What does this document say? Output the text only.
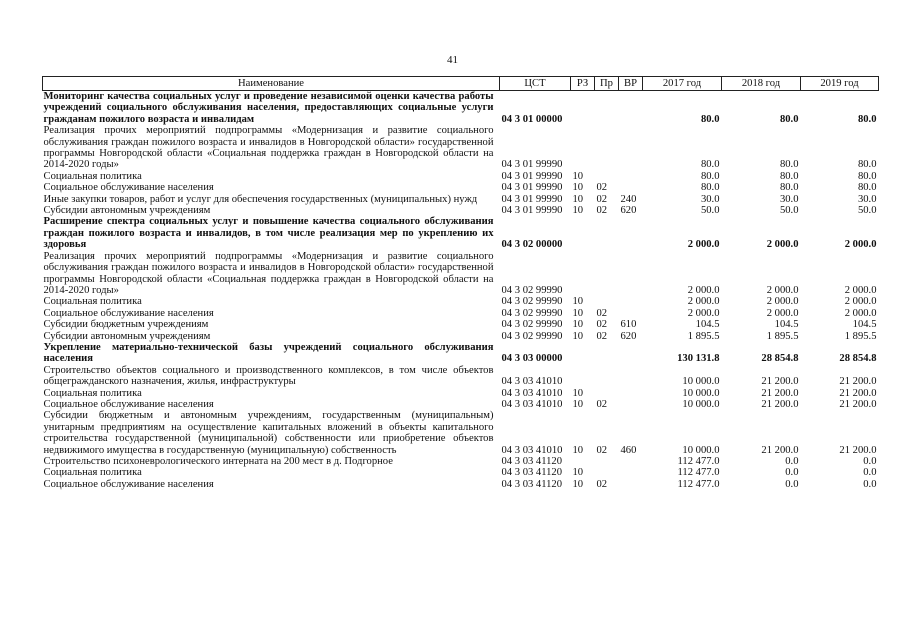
41
Наименование	ЦСТ	РЗ	Пр	ВР	2017 год	2018 год	2019 год
Мониторинг качества социальных услуг и проведение независимой оценки качества работы учреждений социального обслуживания населения, предоставляющих социальные услуги гражданам пожилого возраста и инвалидам	04 3 01 00000				80.0	80.0	80.0
Реализация прочих мероприятий подпрограммы «Модернизация и развитие социального обслуживания граждан пожилого возраста и инвалидов в Новгородской области» государственной программы Новгородской области «Социальная поддержка граждан в Новгородской области на 2014-2020 годы»	04 3 01 99990				80.0	80.0	80.0
Социальная политика	04 3 01 99990	10			80.0	80.0	80.0
Социальное обслуживание населения	04 3 01 99990	10	02		80.0	80.0	80.0
Иные закупки товаров, работ и услуг для обеспечения государственных (муниципальных) нужд	04 3 01 99990	10	02	240	30.0	30.0	30.0
Субсидии автономным учреждениям	04 3 01 99990	10	02	620	50.0	50.0	50.0
Расширение спектра социальных услуг и повышение качества социального обслуживания граждан пожилого возраста и инвалидов, в том числе реализация мер по укреплению их здоровья	04 3 02 00000				2 000.0	2 000.0	2 000.0
Реализация прочих мероприятий подпрограммы «Модернизация и развитие социального обслуживания граждан пожилого возраста и инвалидов в Новгородской области» государственной программы Новгородской области «Социальная поддержка граждан в Новгородской области на 2014-2020 годы»	04 3 02 99990				2 000.0	2 000.0	2 000.0
Социальная политика	04 3 02 99990	10			2 000.0	2 000.0	2 000.0
Социальное обслуживание населения	04 3 02 99990	10	02		2 000.0	2 000.0	2 000.0
Субсидии бюджетным учреждениям	04 3 02 99990	10	02	610	104.5	104.5	104.5
Субсидии автономным учреждениям	04 3 02 99990	10	02	620	1 895.5	1 895.5	1 895.5
Укрепление материально-технической базы учреждений социального обслуживания населения	04 3 03 00000				130 131.8	28 854.8	28 854.8
Строительство объектов социального и производственного комплексов, в том числе объектов общегражданского назначения, жилья, инфраструктуры	04 3 03 41010				10 000.0	21 200.0	21 200.0
Социальная политика	04 3 03 41010	10			10 000.0	21 200.0	21 200.0
Социальное обслуживание населения	04 3 03 41010	10	02		10 000.0	21 200.0	21 200.0
Субсидии бюджетным и автономным учреждениям, государственным (муниципальным) унитарным предприятиям на осуществление капитальных вложений в объекты капитального строительства государственной (муниципальной) собственности или приобретение объектов недвижимого имущества в государственную (муниципальную) собственность	04 3 03 41010	10	02	460	10 000.0	21 200.0	21 200.0
Строительство психоневрологического интерната на 200 мест в д. Подгорное	04 3 03 41120				112 477.0	0.0	0.0
Социальная политика	04 3 03 41120	10			112 477.0	0.0	0.0
Социальное обслуживание населения	04 3 03 41120	10	02		112 477.0	0.0	0.0
